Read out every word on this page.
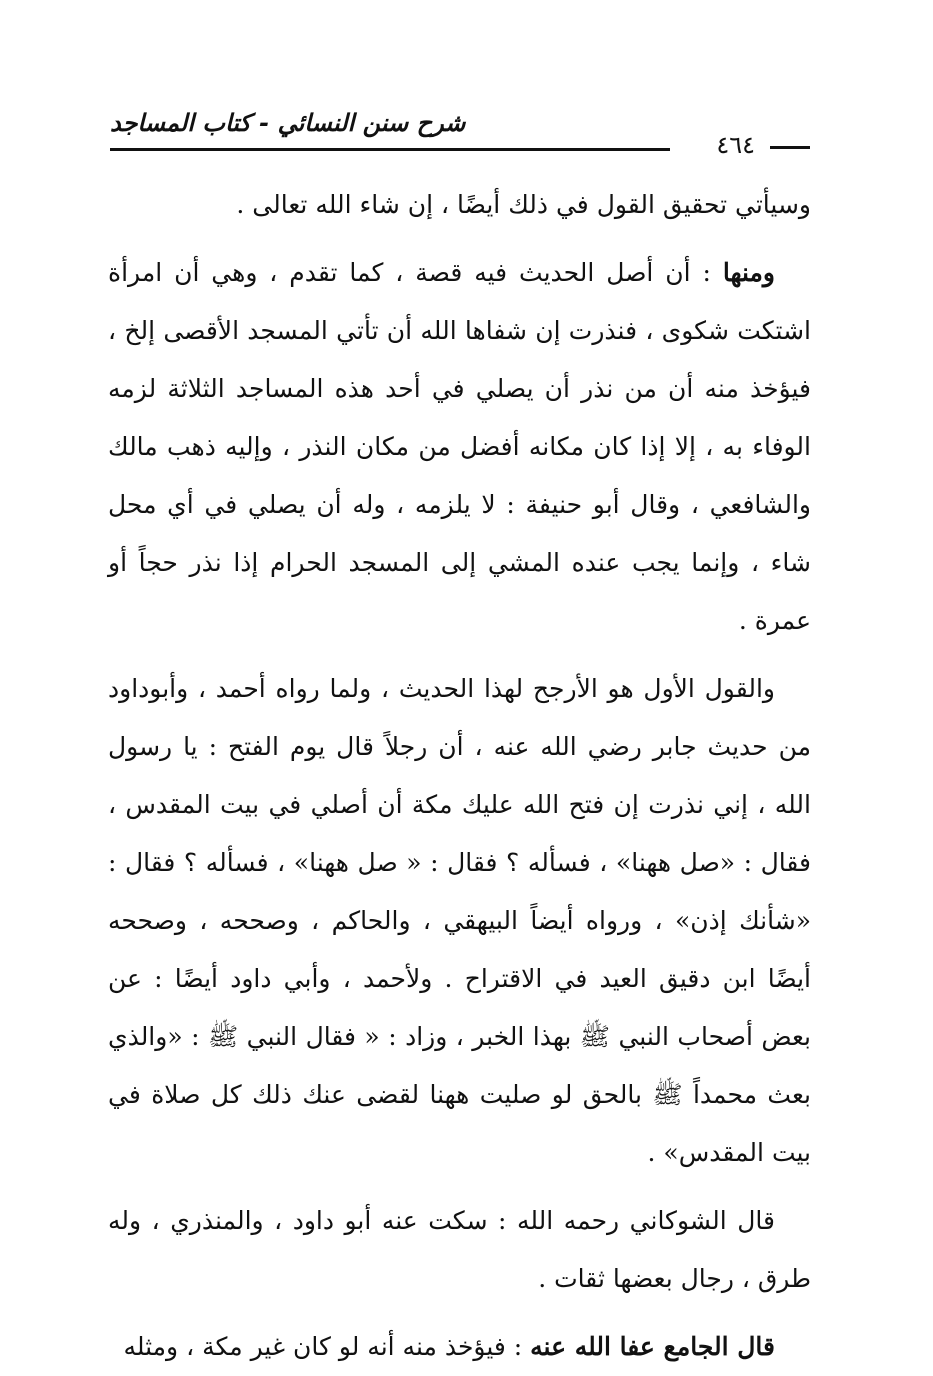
شرح سنن النسائي - كتاب المساجد
٤٦٤

وسيأتي تحقيق القول في ذلك أيضًا ، إن شاء الله تعالى .

ومنها : أن أصل الحديث فيه قصة ، كما تقدم ، وهي أن امرأة اشتكت شكوى ، فنذرت إن شفاها الله أن تأتي المسجد الأقصى إلخ ، فيؤخذ منه أن من نذر أن يصلي في أحد هذه المساجد الثلاثة لزمه الوفاء به ، إلا إذا كان مكانه أفضل من مكان النذر ، وإليه ذهب مالك والشافعي ، وقال أبو حنيفة : لا يلزمه ، وله أن يصلي في أي محل شاء ، وإنما يجب عنده المشي إلى المسجد الحرام إذا نذر حجاً أو عمرة .

والقول الأول هو الأرجح لهذا الحديث ، ولما رواه أحمد ، وأبوداود من حديث جابر رضي الله عنه ، أن رجلاً قال يوم الفتح : يا رسول الله ، إني نذرت إن فتح الله عليك مكة أن أصلي في بيت المقدس ، فقال : «صل ههنا» ، فسأله ؟ فقال : « صل ههنا» ، فسأله ؟ فقال : «شأنك إذن» ، ورواه أيضاً البيهقي ، والحاكم ، وصححه ، وصححه أيضًا ابن دقيق العيد في الاقتراح . ولأحمد ، وأبي داود أيضًا : عن بعض أصحاب النبي ﷺ بهذا الخبر ، وزاد : « فقال النبي ﷺ : «والذي بعث محمداً ﷺ بالحق لو صليت ههنا لقضى عنك ذلك كل صلاة في بيت المقدس» .

قال الشوكاني رحمه الله : سكت عنه أبو داود ، والمنذري ، وله طرق ، رجال بعضها ثقات .

قال الجامع عفا الله عنه : فيؤخذ منه أنه لو كان غير مكة ، ومثله
